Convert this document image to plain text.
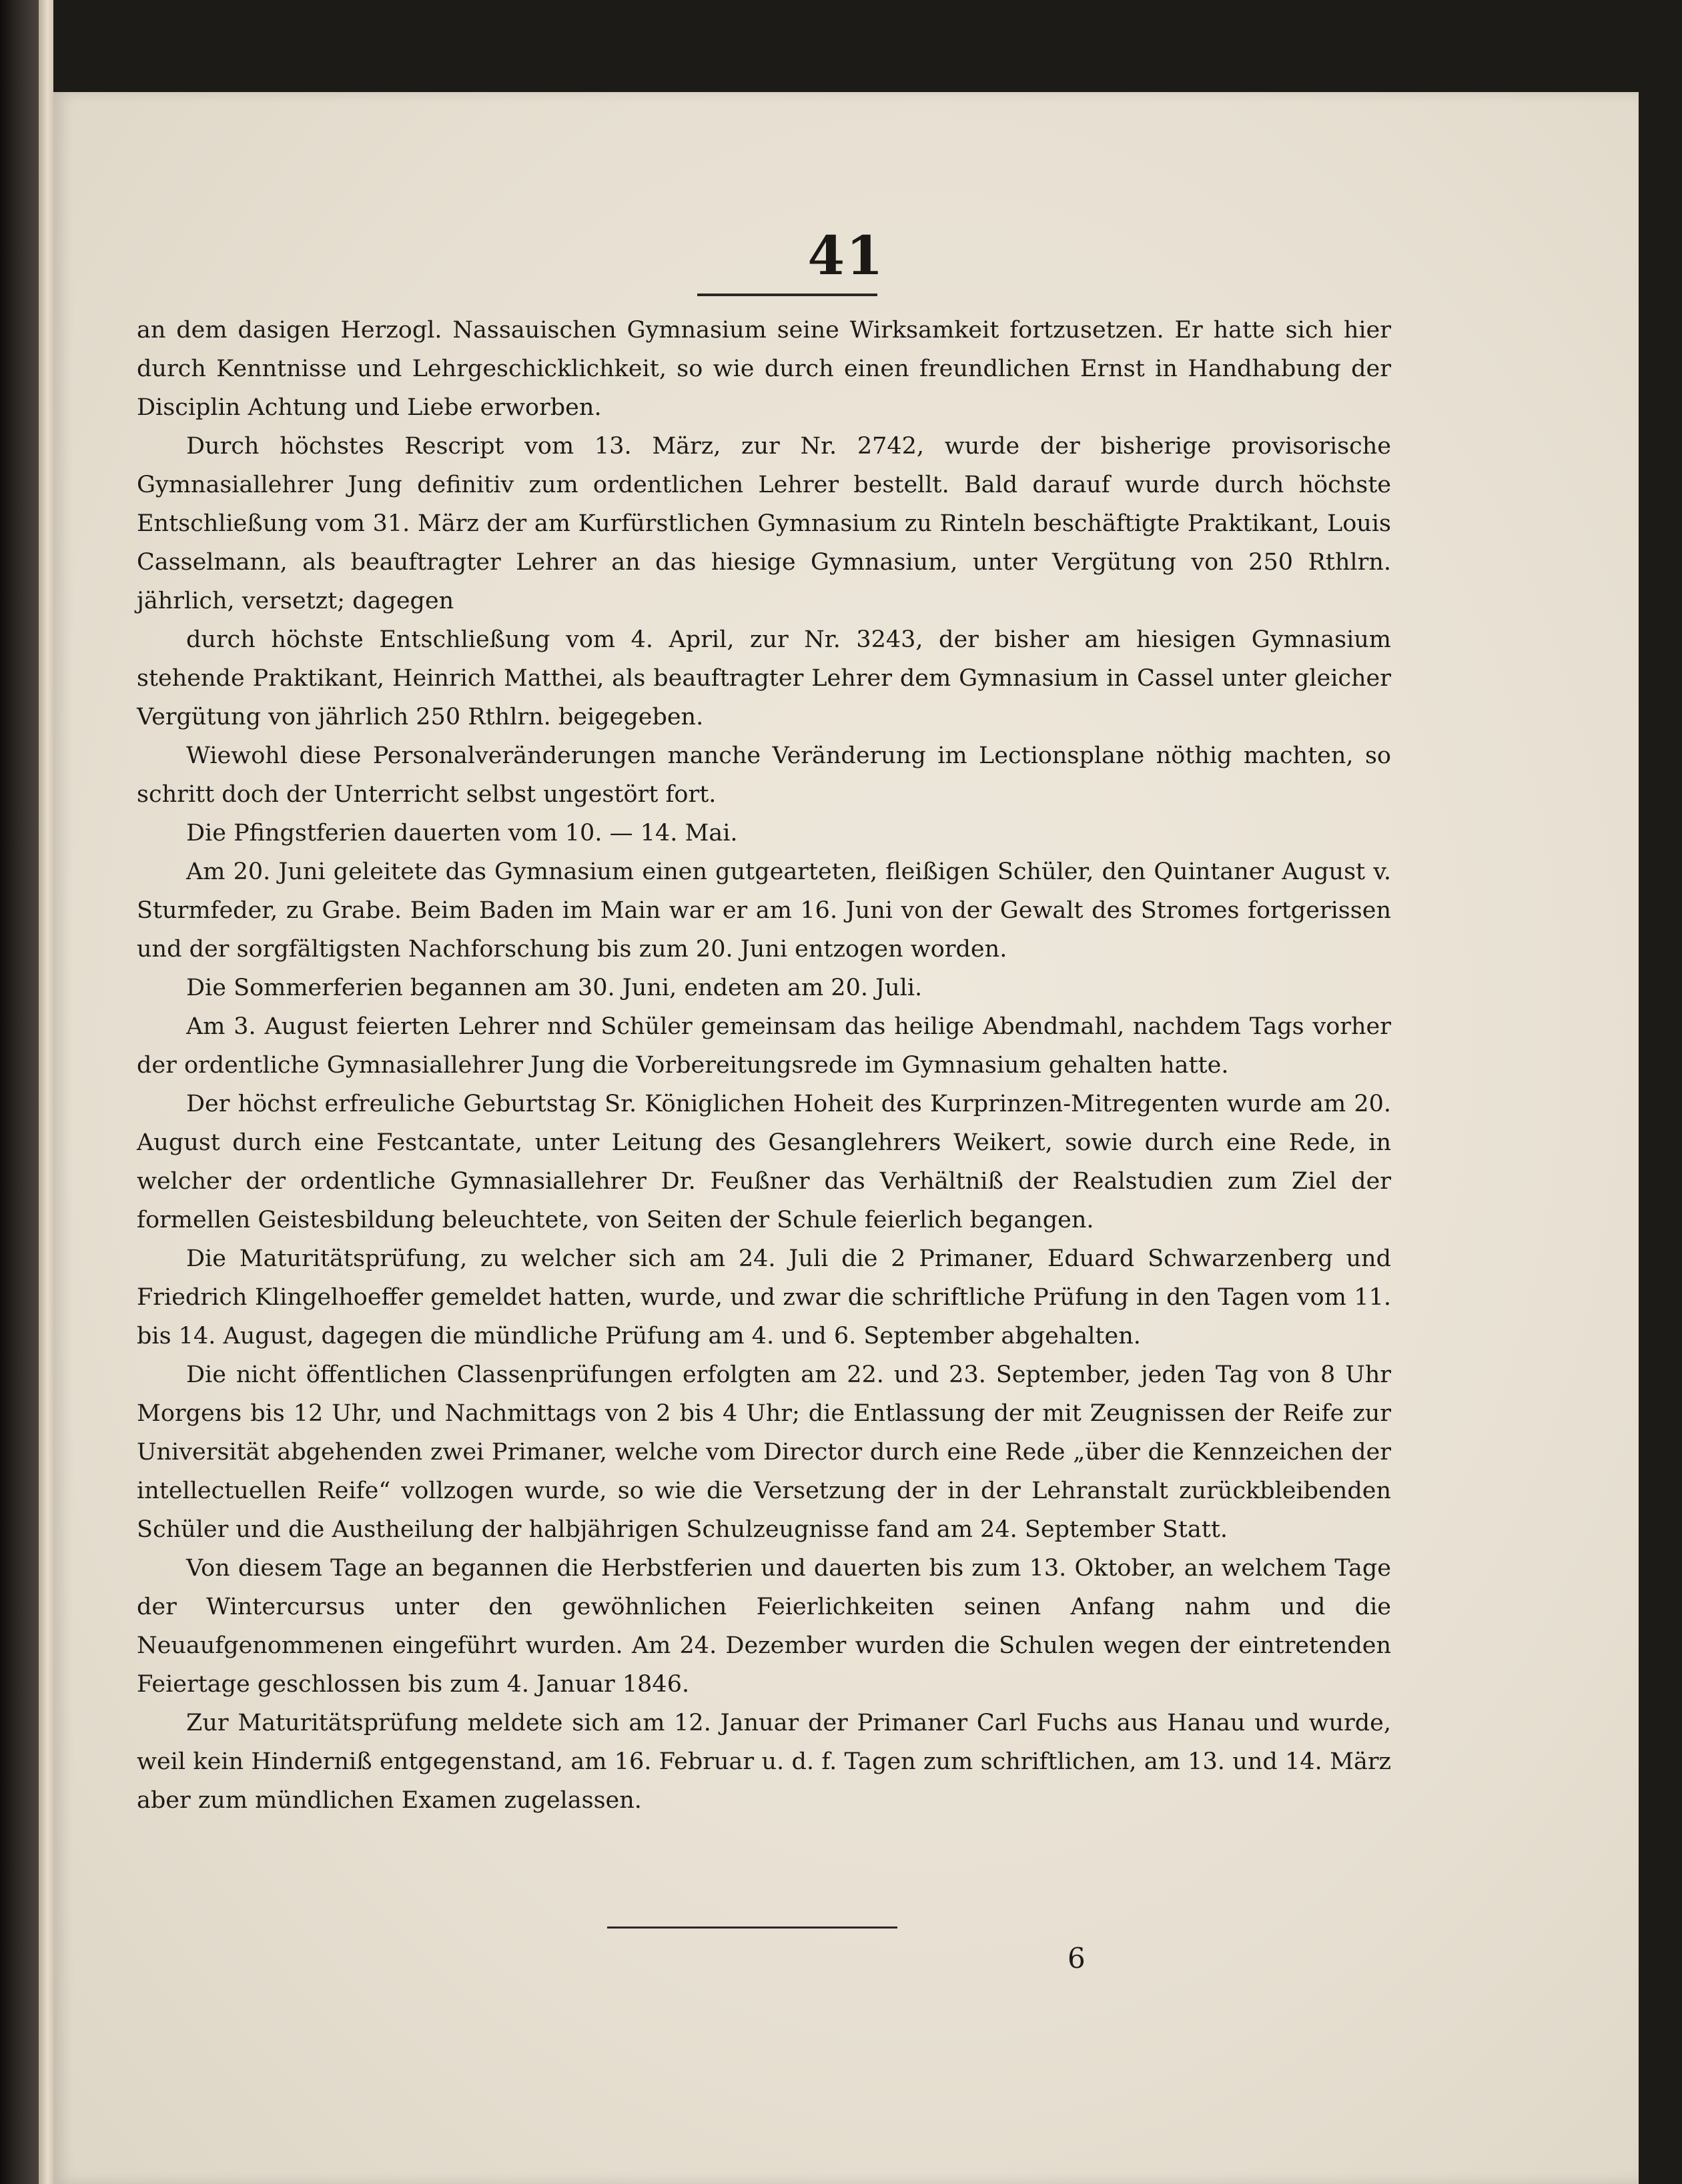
41

an dem dasigen Herzogl. Nassauischen Gymnasium seine Wirksamkeit fortzusetzen. Er hatte sich hier durch Kenntnisse und Lehrgeschicklichkeit, so wie durch einen freundlichen Ernst in Handhabung der Disciplin Achtung und Liebe erworben.

Durch höchstes Rescript vom 13. März, zur Nr. 2742, wurde der bisherige provisorische Gymnasiallehrer Jung definitiv zum ordentlichen Lehrer bestellt. Bald darauf wurde durch höchste Entschließung vom 31. März der am Kurfürstlichen Gymnasium zu Rinteln beschäftigte Praktikant, Louis Casselmann, als beauftragter Lehrer an das hiesige Gymnasium, unter Vergütung von 250 Rthlrn. jährlich, versetzt; dagegen

durch höchste Entschließung vom 4. April, zur Nr. 3243, der bisher am hiesigen Gymnasium stehende Praktikant, Heinrich Matthei, als beauftragter Lehrer dem Gymnasium in Cassel unter gleicher Vergütung von jährlich 250 Rthlrn. beigegeben.

Wiewohl diese Personalveränderungen manche Veränderung im Lectionsplane nöthig machten, so schritt doch der Unterricht selbst ungestört fort.

Die Pfingstferien dauerten vom 10. — 14. Mai.

Am 20. Juni geleitete das Gymnasium einen gutgearteten, fleißigen Schüler, den Quintaner August v. Sturmfeder, zu Grabe. Beim Baden im Main war er am 16. Juni von der Gewalt des Stromes fortgerissen und der sorgfältigsten Nachforschung bis zum 20. Juni entzogen worden.

Die Sommerferien begannen am 30. Juni, endeten am 20. Juli.

Am 3. August feierten Lehrer nnd Schüler gemeinsam das heilige Abendmahl, nachdem Tags vorher der ordentliche Gymnasiallehrer Jung die Vorbereitungsrede im Gymnasium gehalten hatte.

Der höchst erfreuliche Geburtstag Sr. Königlichen Hoheit des Kurprinzen-Mitregenten wurde am 20. August durch eine Festcantate, unter Leitung des Gesanglehrers Weikert, sowie durch eine Rede, in welcher der ordentliche Gymnasiallehrer Dr. Feußner das Verhältniß der Realstudien zum Ziel der formellen Geistesbildung beleuchtete, von Seiten der Schule feierlich begangen.

Die Maturitätsprüfung, zu welcher sich am 24. Juli die 2 Primaner, Eduard Schwarzenberg und Friedrich Klingelhoeffer gemeldet hatten, wurde, und zwar die schriftliche Prüfung in den Tagen vom 11. bis 14. August, dagegen die mündliche Prüfung am 4. und 6. September abgehalten.

Die nicht öffentlichen Classenprüfungen erfolgten am 22. und 23. September, jeden Tag von 8 Uhr Morgens bis 12 Uhr, und Nachmittags von 2 bis 4 Uhr; die Entlassung der mit Zeugnissen der Reife zur Universität abgehenden zwei Primaner, welche vom Director durch eine Rede „über die Kennzeichen der intellectuellen Reife“ vollzogen wurde, so wie die Versetzung der in der Lehranstalt zurückbleibenden Schüler und die Austheilung der halbjährigen Schulzeugnisse fand am 24. September Statt.

Von diesem Tage an begannen die Herbstferien und dauerten bis zum 13. Oktober, an welchem Tage der Wintercursus unter den gewöhnlichen Feierlichkeiten seinen Anfang nahm und die Neuaufgenommenen eingeführt wurden. Am 24. Dezember wurden die Schulen wegen der eintretenden Feiertage geschlossen bis zum 4. Januar 1846.

Zur Maturitätsprüfung meldete sich am 12. Januar der Primaner Carl Fuchs aus Hanau und wurde, weil kein Hinderniß entgegenstand, am 16. Februar u. d. f. Tagen zum schriftlichen, am 13. und 14. März aber zum mündlichen Examen zugelassen.

6
